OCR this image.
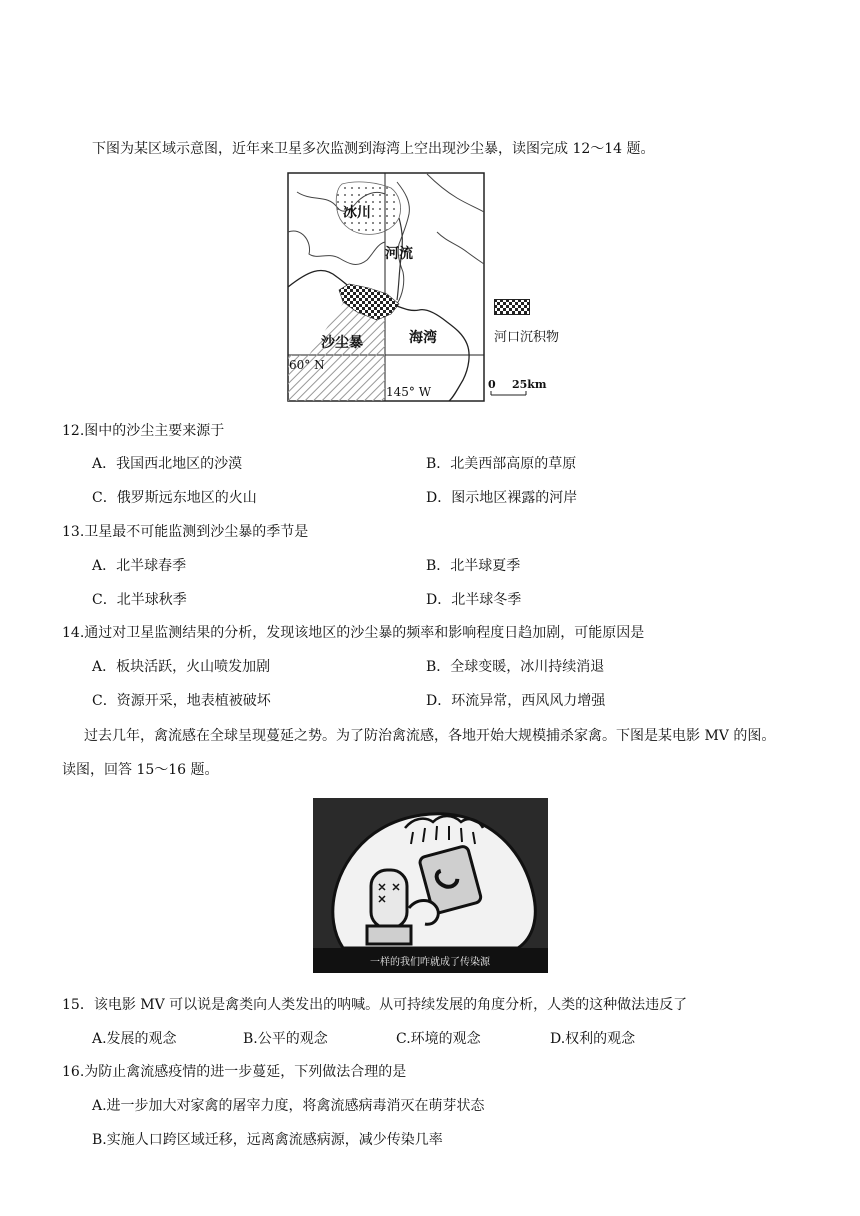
下图为某区域示意图，近年来卫星多次监测到海湾上空出现沙尘暴，读图完成 12～14 题。
冰川
河流
沙尘暴	海湾
60° N
145° W
河口沉积物
0 25km
12.图中的沙尘主要来源于
A．我国西北地区的沙漠	B．北美西部高原的草原
C．俄罗斯远东地区的火山	D．图示地区裸露的河岸
13.卫星最不可能监测到沙尘暴的季节是
A．北半球春季	B．北半球夏季
C．北半球秋季	D．北半球冬季
14.通过对卫星监测结果的分析，发现该地区的沙尘暴的频率和影响程度日趋加剧，可能原因是
A．板块活跃，火山喷发加剧	B．全球变暖，冰川持续消退
C．资源开采，地表植被破坏	D．环流异常，西风风力增强
过去几年，禽流感在全球呈现蔓延之势。为了防治禽流感，各地开始大规模捕杀家禽。下图是某电影 MV 的图。
读图，回答 15～16 题。
一样的我们咋就成了传染源
15．该电影 MV 可以说是禽类向人类发出的呐喊。从可持续发展的角度分析，人类的这种做法违反了
A.发展的观念	B.公平的观念	C.环境的观念	D.权利的观念
16.为防止禽流感疫情的进一步蔓延，下列做法合理的是
A.进一步加大对家禽的屠宰力度，将禽流感病毒消灭在萌芽状态
B.实施人口跨区域迁移，远离禽流感病源，减少传染几率
